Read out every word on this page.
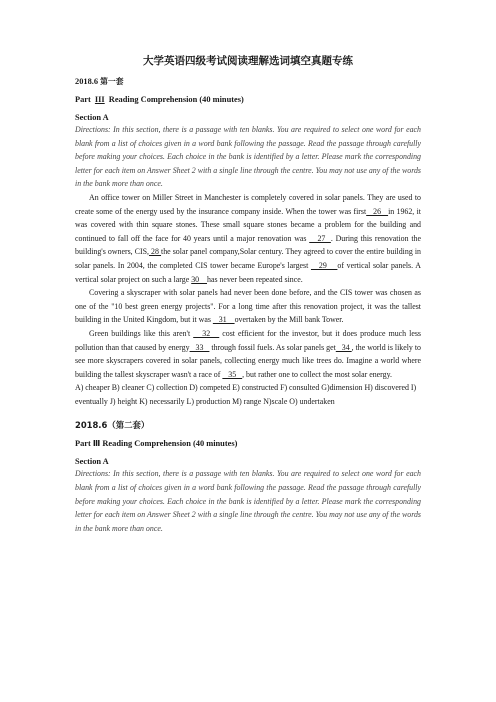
大学英语四级考试阅读理解选词填空真题专练

2018.6 第一套

Part III Reading Comprehension (40 minutes)

Section A

Directions: In this section, there is a passage with ten blanks. You are required to select one word for each blank from a list of choices given in a word bank following the passage. Read the passage through carefully before making your choices. Each choice in the bank is identified by a letter. Please mark the corresponding letter for each item on Answer Sheet 2 with a single line through the centre. You may not use any of the words in the bank more than once.

An office tower on Miller Street in Manchester is completely covered in solar panels. They are used to create some of the energy used by the insurance company inside. When the tower was first   26   in 1962, it was covered with thin square stones. These small square stones became a problem for the building and continued to fall off the face for 40 years until a major renovation was    27  . During this renovation the building's owners, CIS, 28 the solar panel company,Solar century. They agreed to cover the entire building in solar panels. In 2004, the completed CIS tower became Europe's largest    29    of vertical solar panels. A vertical solar project on such a large 30    has never been repeated since.

Covering a skyscraper with solar panels had never been done before, and the CIS tower was chosen as one of the "10 best green energy projects". For a long time after this renovation project, it was the tallest building in the United Kingdom, but it was    31    overtaken by the Mill bank Tower.

Green buildings like this aren't    32    cost efficient for the investor, but it does produce much less pollution than that caused by energy   33    through fossil fuels. As solar panels get   34 , the world is likely to see more skyscrapers covered in solar panels, collecting energy much like trees do. Imagine a world where building the tallest skyscraper wasn't a race of    35   , but rather one to collect the most solar energy.

A) cheaper B) cleaner C) collection D) competed E) constructed F) consulted G)dimension H) discovered I) eventually J) height K) necessarily L) production M) range N)scale O) undertaken

2018.6（第二套）

Part Ⅲ Reading Comprehension (40 minutes)

Section A

Directions: In this section, there is a passage with ten blanks. You are required to select one word for each blank from a list of choices given in a word bank following the passage. Read the passage through carefully before making your choices. Each choice in the bank is identified by a letter. Please mark the corresponding letter for each item on Answer Sheet 2 with a single line through the centre. You may not use any of the words in the bank more than once.
